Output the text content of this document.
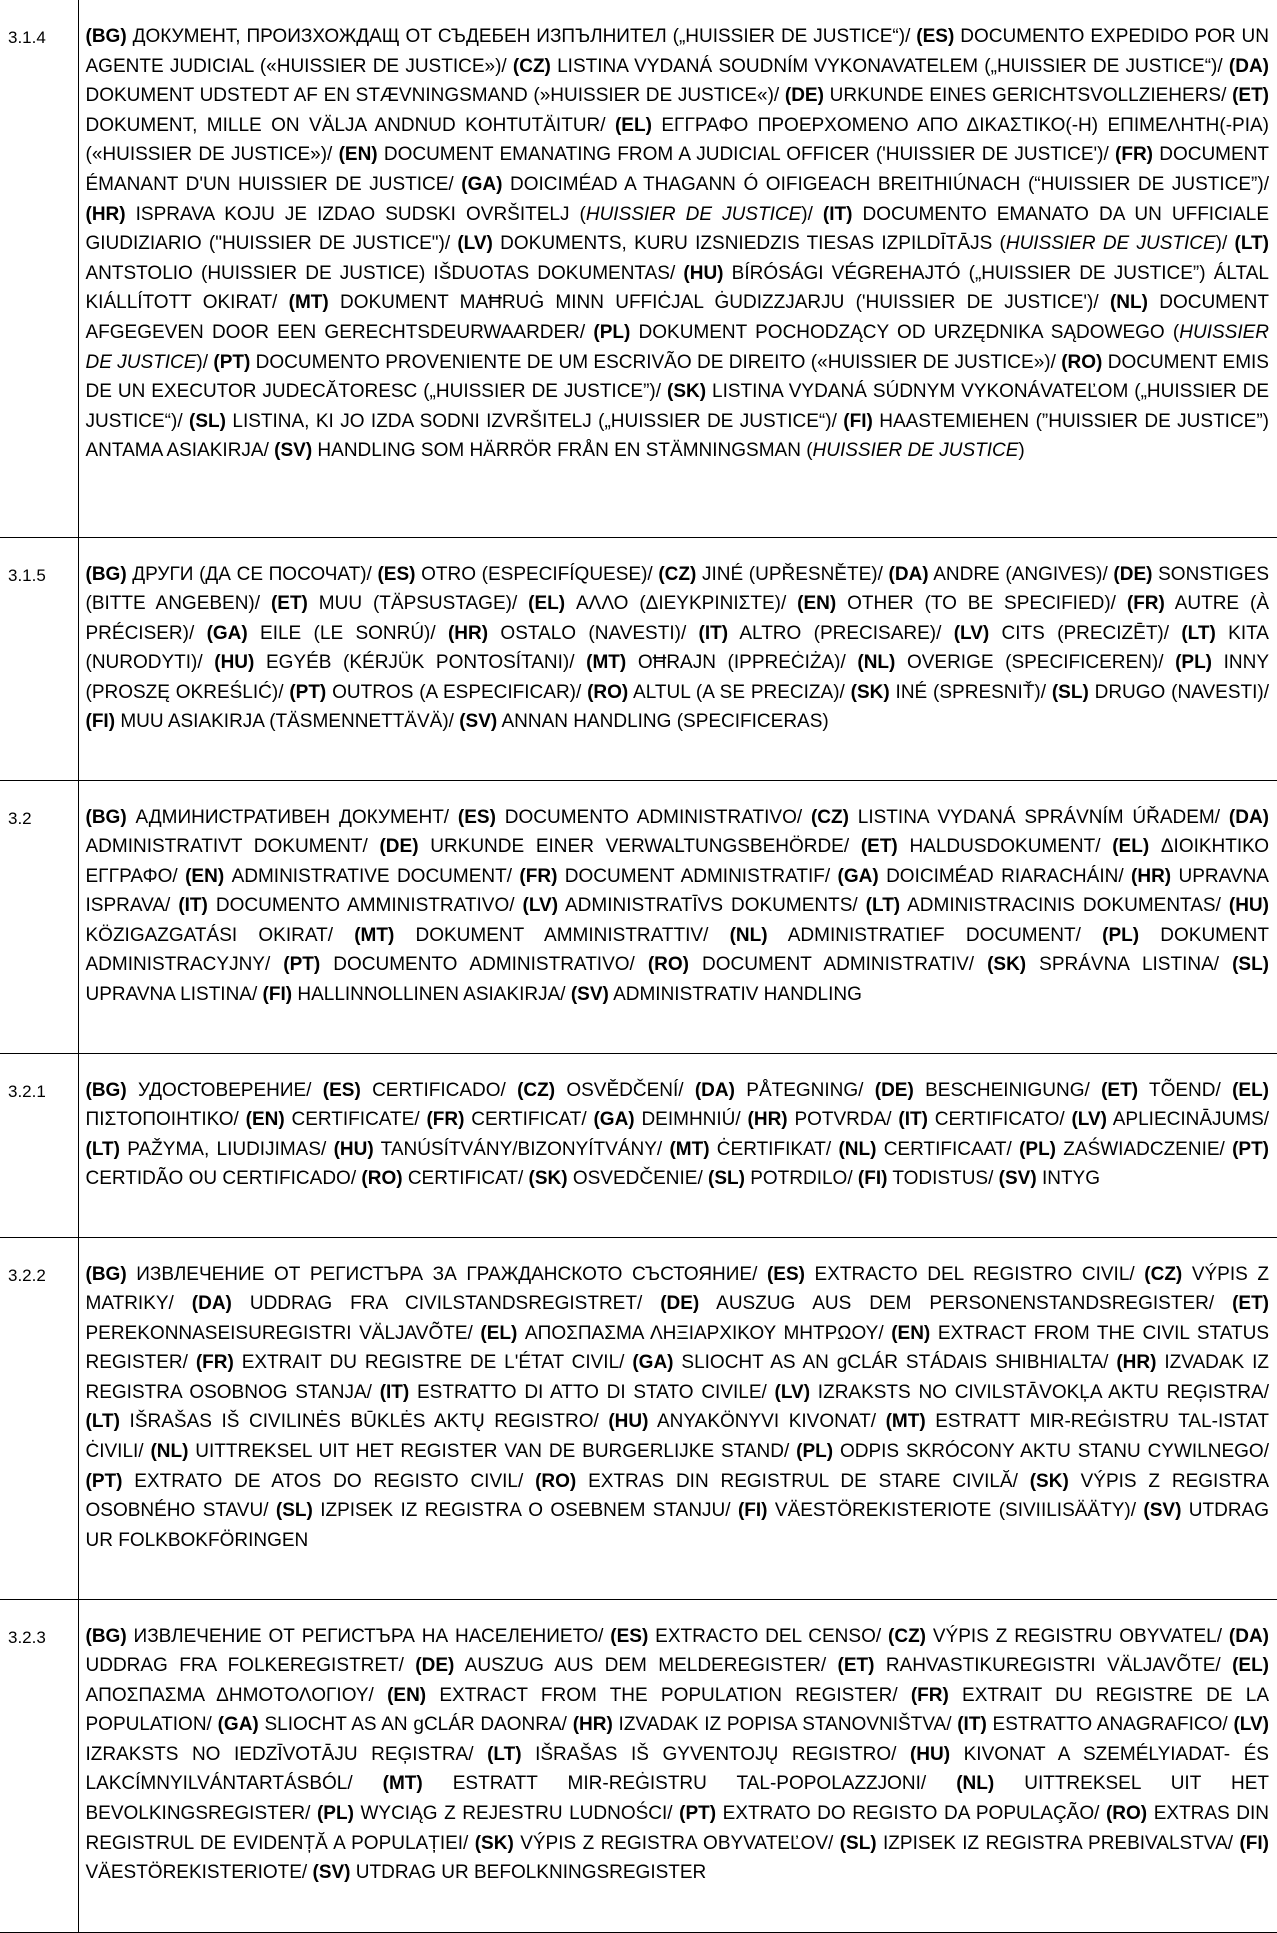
3.1.4	(BG) ДОКУМЕНТ, ПРОИЗХОЖДАЩ ОТ СЪДЕБЕН ИЗПЪЛНИТЕЛ („HUISSIER DE JUSTICE“)/ (ES) DOCUMENTO EXPEDIDO POR UN AGENTE JUDICIAL («HUISSIER DE JUSTICE»)/ (CZ) LISTINA VYDANÁ SOUDNÍM VYKONAVATELEM („HUISSIER DE JUSTICE“)/ (DA) DOKUMENT UDSTEDT AF EN STÆVNINGSMAND (»HUISSIER DE JUSTICE«)/ (DE) URKUNDE EINES GERICHTSVOLLZIEHERS/ (ET) DOKUMENT, MILLE ON VÄLJA ANDNUD KOHTUTÄITUR/ (EL) ΕΓΓΡΑΦΟ ΠΡΟΕΡΧΟΜΕΝΟ ΑΠΟ ΔΙΚΑΣΤΙΚΟ(-Η) ΕΠΙΜΕΛΗΤΗ(-ΡΙΑ) («HUISSIER DE JUSTICE»)/ (EN) DOCUMENT EMANATING FROM A JUDICIAL OFFICER ('HUISSIER DE JUSTICE')/ (FR) DOCUMENT ÉMANANT D'UN HUISSIER DE JUSTICE/ (GA) DOICIMÉAD A THAGANN Ó OIFIGEACH BREITHIÚNACH (“HUISSIER DE JUSTICE”)/ (HR) ISPRAVA KOJU JE IZDAO SUDSKI OVRŠITELJ (HUISSIER DE JUSTICE)/ (IT) DOCUMENTO EMANATO DA UN UFFICIALE GIUDIZIARIO ("HUISSIER DE JUSTICE")/ (LV) DOKUMENTS, KURU IZSNIEDZIS TIESAS IZPILDĪTĀJS (HUISSIER DE JUSTICE)/ (LT) ANTSTOLIO (HUISSIER DE JUSTICE) IŠDUOTAS DOKUMENTAS/ (HU) BÍRÓSÁGI VÉGREHAJTÓ („HUISSIER DE JUSTICE”) ÁLTAL KIÁLLÍTOTT OKIRAT/ (MT) DOKUMENT MAĦRUĠ MINN UFFIĊJAL ĠUDIZZJARJU ('HUISSIER DE JUSTICE')/ (NL) DOCUMENT AFGEGEVEN DOOR EEN GERECHTSDEURWAARDER/ (PL) DOKUMENT POCHODZĄCY OD URZĘDNIKA SĄDOWEGO (HUISSIER DE JUSTICE)/ (PT) DOCUMENTO PROVENIENTE DE UM ESCRIVÃO DE DIREITO («HUISSIER DE JUSTICE»)/ (RO) DOCUMENT EMIS DE UN EXECUTOR JUDECĂTORESC („HUISSIER DE JUSTICE”)/ (SK) LISTINA VYDANÁ SÚDNYM VYKONÁVATEĽOM („HUISSIER DE JUSTICE“)/ (SL) LISTINA, KI JO IZDA SODNI IZVRŠITELJ („HUISSIER DE JUSTICE“)/ (FI) HAASTEMIEHEN (”HUISSIER DE JUSTICE”) ANTAMA ASIAKIRJA/ (SV) HANDLING SOM HÄRRÖR FRÅN EN STÄMNINGSMAN (HUISSIER DE JUSTICE)

3.1.5	(BG) ДРУГИ (ДА СЕ ПОСОЧАТ)/ (ES) OTRO (ESPECIFÍQUESE)/ (CZ) JINÉ (UPŘESNĚTE)/ (DA) ANDRE (ANGIVES)/ (DE) SONSTIGES (BITTE ANGEBEN)/ (ET) MUU (TÄPSUSTAGE)/ (EL) ΑΛΛΟ (ΔΙΕΥΚΡΙΝΙΣΤΕ)/ (EN) OTHER (TO BE SPECIFIED)/ (FR) AUTRE (À PRÉCISER)/ (GA) EILE (LE SONRÚ)/ (HR) OSTALO (NAVESTI)/ (IT) ALTRO (PRECISARE)/ (LV) CITS (PRECIZĒT)/ (LT) KITA (NURODYTI)/ (HU) EGYÉB (KÉRJÜK PONTOSÍTANI)/ (MT) OĦRAJN (IPPREĊIŻA)/ (NL) OVERIGE (SPECIFICEREN)/ (PL) INNY (PROSZĘ OKREŚLIĆ)/ (PT) OUTROS (A ESPECIFICAR)/ (RO) ALTUL (A SE PRECIZA)/ (SK) INÉ (SPRESNIŤ)/ (SL) DRUGO (NAVESTI)/ (FI) MUU ASIAKIRJA (TÄSMENNETTÄVÄ)/ (SV) ANNAN HANDLING (SPECIFICERAS)

3.2	(BG) АДМИНИСТРАТИВЕН ДОКУМЕНТ/ (ES) DOCUMENTO ADMINISTRATIVO/ (CZ) LISTINA VYDANÁ SPRÁVNÍM ÚŘADEM/ (DA) ADMINISTRATIVT DOKUMENT/ (DE) URKUNDE EINER VERWALTUNGSBEHÖRDE/ (ET) HALDUSDOKUMENT/ (EL) ΔΙΟΙΚΗΤΙΚΟ ΕΓΓΡΑΦΟ/ (EN) ADMINISTRATIVE DOCUMENT/ (FR) DOCUMENT ADMINISTRATIF/ (GA) DOICIMÉAD RIARACHÁIN/ (HR) UPRAVNA ISPRAVA/ (IT) DOCUMENTO AMMINISTRATIVO/ (LV) ADMINISTRATĪVS DOKUMENTS/ (LT) ADMINISTRACINIS DOKUMENTAS/ (HU) KÖZIGAZGATÁSI OKIRAT/ (MT) DOKUMENT AMMINISTRATTIV/ (NL) ADMINISTRATIEF DOCUMENT/ (PL) DOKUMENT ADMINISTRACYJNY/ (PT) DOCUMENTO ADMINISTRATIVO/ (RO) DOCUMENT ADMINISTRATIV/ (SK) SPRÁVNA LISTINA/ (SL) UPRAVNA LISTINA/ (FI) HALLINNOLLINEN ASIAKIRJA/ (SV) ADMINISTRATIV HANDLING

3.2.1	(BG) УДОСТОВЕРЕНИЕ/ (ES) CERTIFICADO/ (CZ) OSVĚDČENÍ/ (DA) PÅTEGNING/ (DE) BESCHEINIGUNG/ (ET) TÕEND/ (EL) ΠΙΣΤΟΠΟΙΗΤΙΚΟ/ (EN) CERTIFICATE/ (FR) CERTIFICAT/ (GA) DEIMHNIÚ/ (HR) POTVRDA/ (IT) CERTIFICATO/ (LV) APLIECINĀJUMS/ (LT) PAŽYMA, LIUDIJIMAS/ (HU) TANÚSÍTVÁNY/BIZONYÍTVÁNY/ (MT) ĊERTIFIKAT/ (NL) CERTIFICAAT/ (PL) ZAŚWIADCZENIE/ (PT) CERTIDÃO OU CERTIFICADO/ (RO) CERTIFICAT/ (SK) OSVEDČENIE/ (SL) POTRDILO/ (FI) TODISTUS/ (SV) INTYG

3.2.2	(BG) ИЗВЛЕЧЕНИЕ ОТ РЕГИСТЪРА ЗА ГРАЖДАНСКОТО СЪСТОЯНИЕ/ (ES) EXTRACTO DEL REGISTRO CIVIL/ (CZ) VÝPIS Z MATRIKY/ (DA) UDDRAG FRA CIVILSTANDSREGISTRET/ (DE) AUSZUG AUS DEM PERSONENSTANDSREGISTER/ (ET) PEREKONNASEISUREGISTRI VÄLJAVÕTE/ (EL) ΑΠΟΣΠΑΣΜΑ ΛΗΞΙΑΡΧΙΚΟΥ ΜΗΤΡΩΟΥ/ (EN) EXTRACT FROM THE CIVIL STATUS REGISTER/ (FR) EXTRAIT DU REGISTRE DE L'ÉTAT CIVIL/ (GA) SLIOCHT AS AN gCLÁR STÁDAIS SHIBHIALTA/ (HR) IZVADAK IZ REGISTRA OSOBNOG STANJA/ (IT) ESTRATTO DI ATTO DI STATO CIVILE/ (LV) IZRAKSTS NO CIVILSTĀVOKĻA AKTU REĢISTRA/ (LT) IŠRAŠAS IŠ CIVILINĖS BŪKLĖS AKTŲ REGISTRO/ (HU) ANYAKÖNYVI KIVONAT/ (MT) ESTRATT MIR-REĠISTRU TAL-ISTAT ĊIVILI/ (NL) UITTREKSEL UIT HET REGISTER VAN DE BURGERLIJKE STAND/ (PL) ODPIS SKRÓCONY AKTU STANU CYWILNEGO/ (PT) EXTRATO DE ATOS DO REGISTO CIVIL/ (RO) EXTRAS DIN REGISTRUL DE STARE CIVILĂ/ (SK) VÝPIS Z REGISTRA OSOBNÉHO STAVU/ (SL) IZPISEK IZ REGISTRA O OSEBNEM STANJU/ (FI) VÄESTÖREKISTERIOTE (SIVIILISÄÄTY)/ (SV) UTDRAG UR FOLKBOKFÖRINGEN

3.2.3	(BG) ИЗВЛЕЧЕНИЕ ОТ РЕГИСТЪРА НА НАСЕЛЕНИЕТО/ (ES) EXTRACTO DEL CENSO/ (CZ) VÝPIS Z REGISTRU OBYVATEL/ (DA) UDDRAG FRA FOLKEREGISTRET/ (DE) AUSZUG AUS DEM MELDEREGISTER/ (ET) RAHVASTIKUREGISTRI VÄLJAVÕTE/ (EL) ΑΠΟΣΠΑΣΜΑ ΔΗΜΟΤΟΛΟΓΙΟΥ/ (EN) EXTRACT FROM THE POPULATION REGISTER/ (FR) EXTRAIT DU REGISTRE DE LA POPULATION/ (GA) SLIOCHT AS AN gCLÁR DAONRA/ (HR) IZVADAK IZ POPISA STANOVNIŠTVA/ (IT) ESTRATTO ANAGRAFICO/ (LV) IZRAKSTS NO IEDZĪVOTĀJU REĢISTRA/ (LT) IŠRAŠAS IŠ GYVENTOJŲ REGISTRO/ (HU) KIVONAT A SZEMÉLYIADAT- ÉS LAKCÍMNYILVÁNTARTÁSBÓL/ (MT) ESTRATT MIR-REĠISTRU TAL-POPOLAZZJONI/ (NL) UITTREKSEL UIT HET BEVOLKINGSREGISTER/ (PL) WYCIĄG Z REJESTRU LUDNOŚCI/ (PT) EXTRATO DO REGISTO DA POPULAÇÃO/ (RO) EXTRAS DIN REGISTRUL DE EVIDENȚĂ A POPULAȚIEI/ (SK) VÝPIS Z REGISTRA OBYVATEĽOV/ (SL) IZPISEK IZ REGISTRA PREBIVALSTVA/ (FI) VÄESTÖREKISTERIOTE/ (SV) UTDRAG UR BEFOLKNINGSREGISTER
